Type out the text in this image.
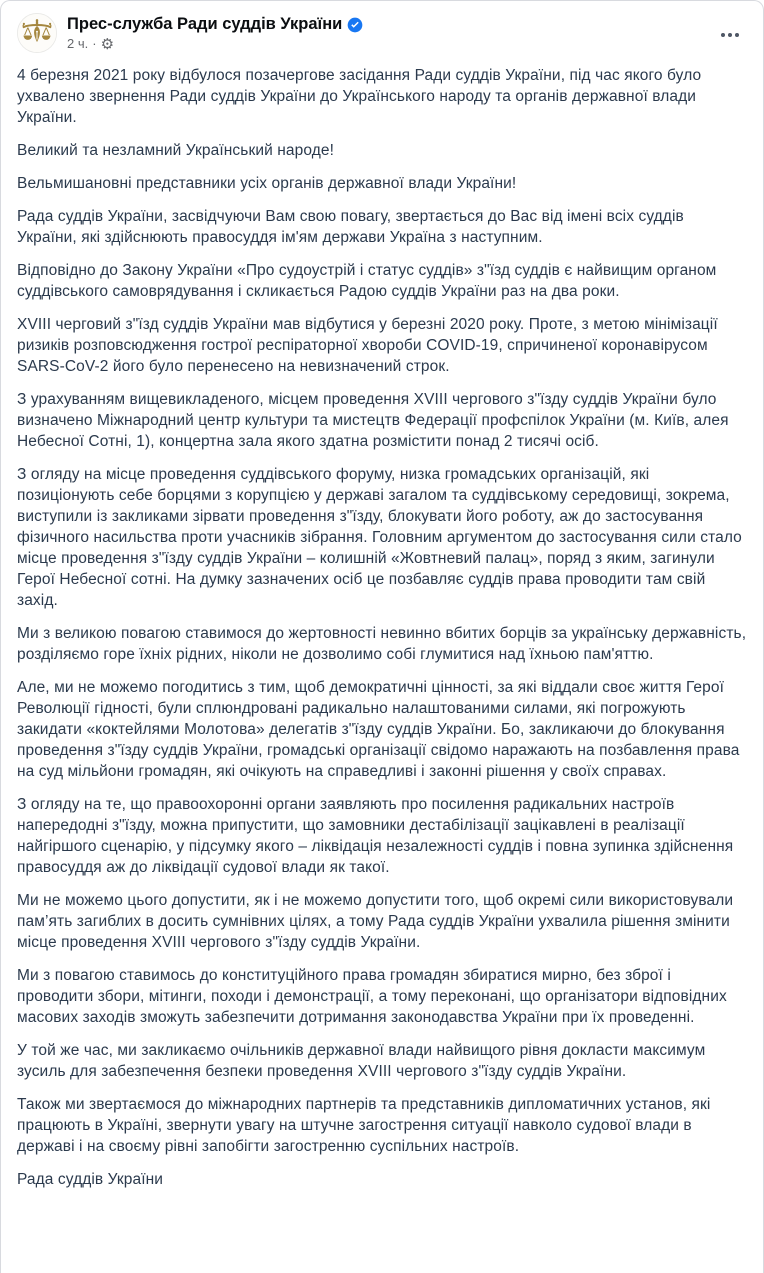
Прес-служба Ради суддів України
2 ч. · ⚙

4 березня 2021 року відбулося позачергове засідання Ради суддів України, під час якого було ухвалено звернення Ради суддів України до Українського народу та органів державної влади України.

Великий та незламний Український народе!

Вельмишановні представники усіх органів державної влади України!

Рада суддів України, засвідчуючи Вам свою повагу, звертається до Вас від імені всіх суддів України, які здійснюють правосуддя ім'ям держави Україна з наступним.

Відповідно до Закону України «Про судоустрій і статус суддів» з"їзд суддів є найвищим органом суддівського самоврядування і скликається Радою суддів України раз на два роки.

XVIII черговий з"їзд суддів України мав відбутися у березні 2020 року. Проте, з метою мінімізації ризиків розповсюдження гострої респіраторної хвороби COVID-19, спричиненої коронавірусом SARS-CoV-2 його було перенесено на невизначений строк.

З урахуванням вищевикладеного, місцем проведення XVIII чергового з"їзду суддів України було визначено Міжнародний центр культури та мистецтв Федерації профспілок України (м. Київ, алея Небесної Сотні, 1), концертна зала якого здатна розмістити понад 2 тисячі осіб.

З огляду на місце проведення суддівського форуму, низка громадських організацій, які позиціонують себе борцями з корупцією у державі загалом та суддівському середовищі, зокрема, виступили із закликами зірвати проведення з"їзду, блокувати його роботу, аж до застосування фізичного насильства проти учасників зібрання. Головним аргументом до застосування сили стало місце проведення з"їзду суддів України – колишній «Жовтневий палац», поряд з яким, загинули Герої Небесної сотні. На думку зазначених осіб це позбавляє суддів права проводити там свій захід.

Ми з великою повагою ставимося до жертовності невинно вбитих борців за українську державність, розділяємо горе їхніх рідних, ніколи не дозволимо собі глумитися над їхньою пам'яттю.

Але, ми не можемо погодитись з тим, щоб демократичні цінності, за які віддали своє життя Герої Революції гідності, були сплюндровані радикально налаштованими силами, які погрожують закидати «коктейлями Молотова» делегатів з"їзду суддів України. Бо, закликаючи до блокування проведення з"їзду суддів України, громадські організації свідомо наражають на позбавлення права на суд мільйони громадян, які очікують на справедливі і законні рішення у своїх справах.

З огляду на те, що правоохоронні органи заявляють про посилення радикальних настроїв напередодні з"їзду, можна припустити, що замовники дестабілізації зацікавлені в реалізації найгіршого сценарію, у підсумку якого – ліквідація незалежності суддів і повна зупинка здійснення правосуддя аж до ліквідації судової влади як такої.

Ми не можемо цього допустити, як і не можемо допустити того, щоб окремі сили використовували пам’ять загиблих в досить сумнівних цілях, а тому Рада суддів України ухвалила рішення змінити місце проведення XVIII чергового з"їзду суддів України.

Ми з повагою ставимось до конституційного права громадян збиратися мирно, без зброї і проводити збори, мітинги, походи і демонстрації, а тому переконані, що організатори відповідних масових заходів зможуть забезпечити дотримання законодавства України при їх проведенні.

У той же час, ми закликаємо очільників державної влади найвищого рівня докласти максимум зусиль для забезпечення безпеки проведення XVIII чергового з"їзду суддів України.

Також ми звертаємося до міжнародних партнерів та представників дипломатичних установ, які працюють в Україні, звернути увагу на штучне загострення ситуації навколо судової влади в державі і на своєму рівні запобігти загостренню суспільних настроїв.

Рада суддів України
